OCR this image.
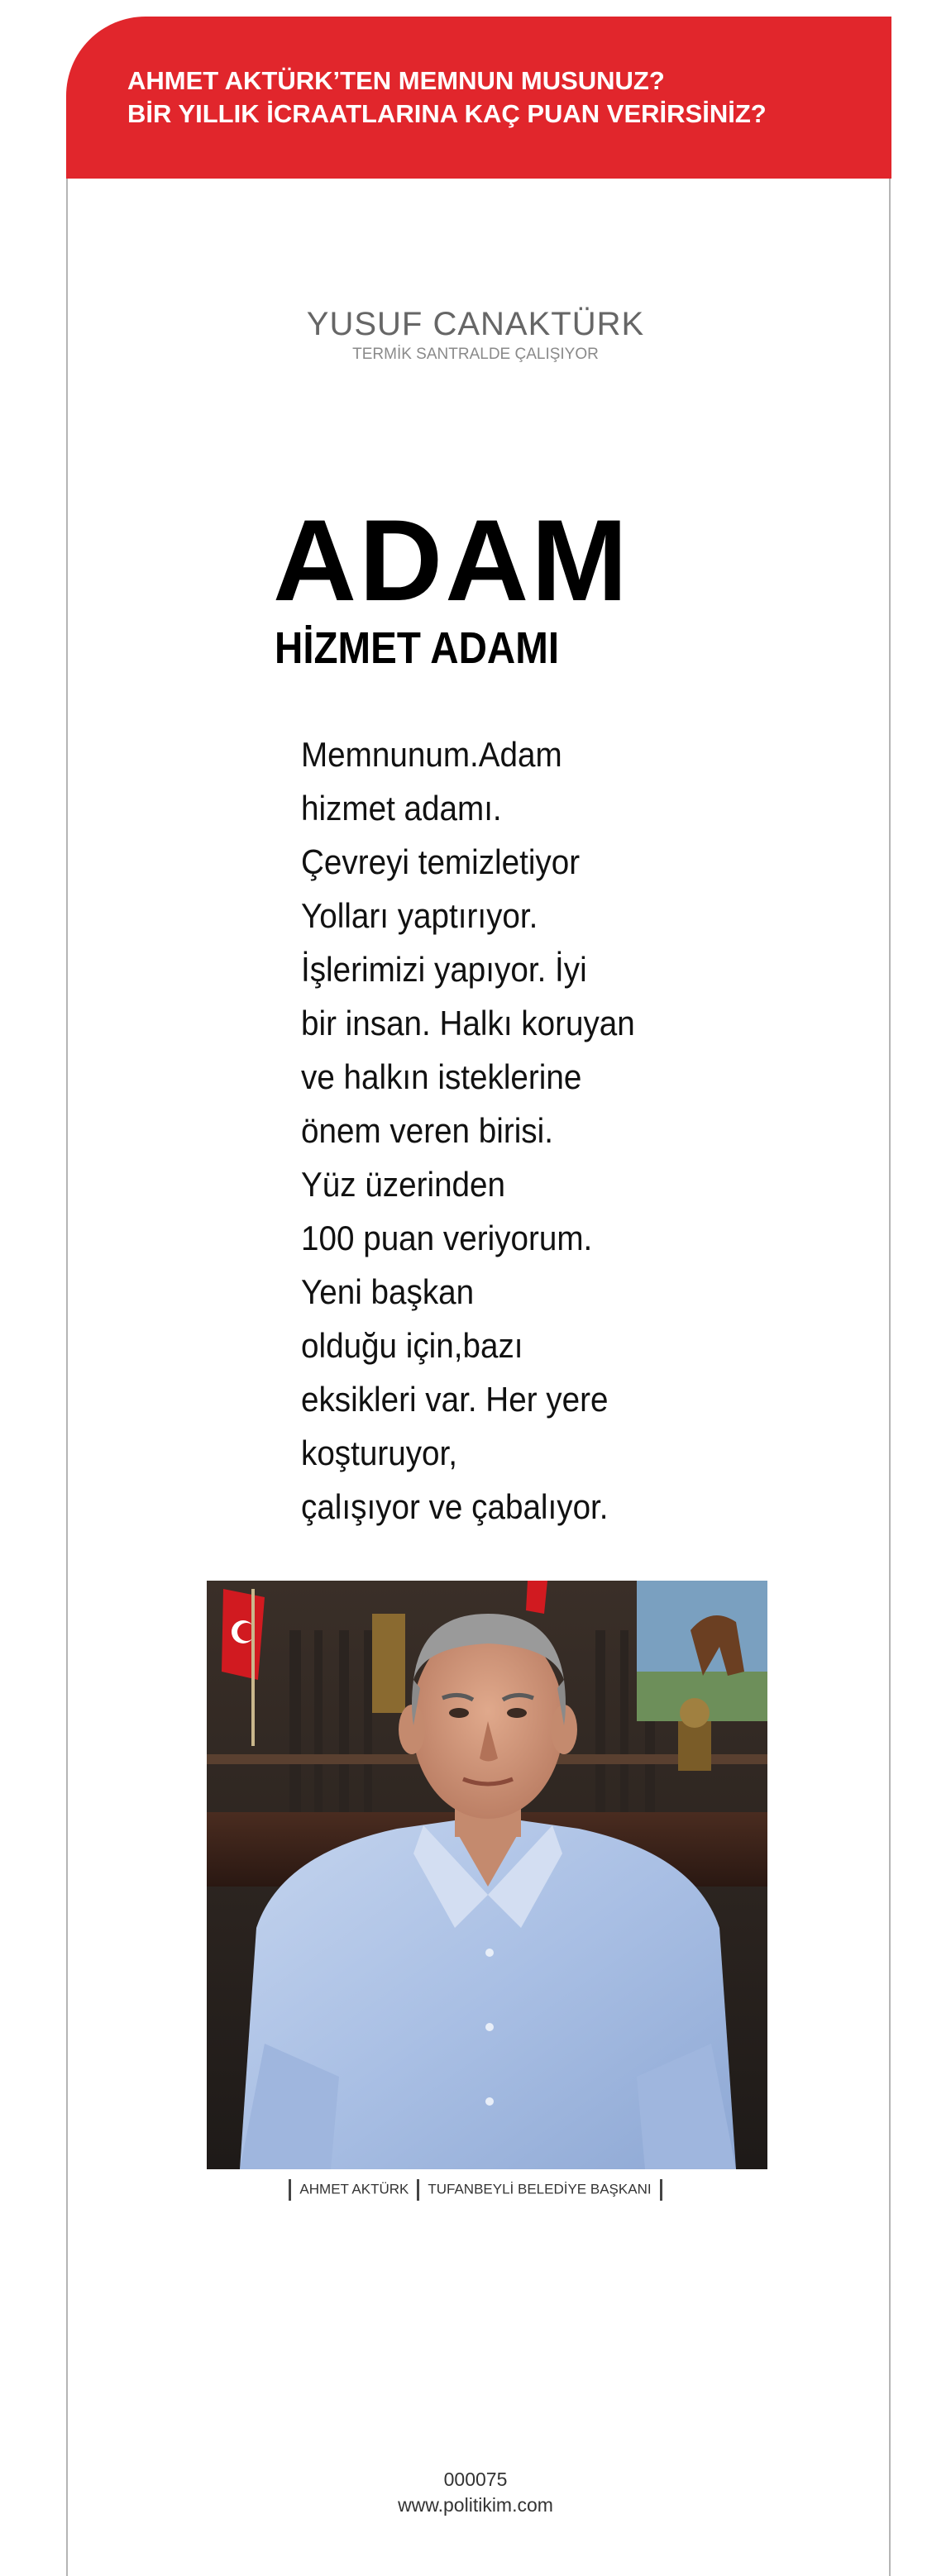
AHMET AKTÜRK’TEN MEMNUN MUSUNUZ?
BİR YILLIK İCRAATLARINA KAÇ PUAN VERİRSİNİZ?
YUSUF CANAKTÜRK
TERMİK SANTRALDE ÇALIŞIYOR
ADAM
HİZMET ADAMI
Memnunum.Adam
hizmet adamı.
Çevreyi temizletiyor
Yolları yaptırıyor.
İşlerimizi yapıyor. İyi
bir insan. Halkı koruyan
ve halkın isteklerine
önem veren birisi.
Yüz üzerinden
100 puan veriyorum.
Yeni başkan
olduğu için,bazı
eksikleri var. Her yere
koşturuyor,
çalışıyor ve çabalıyor.
AHMET AKTÜRK TUFANBEYLİ BELEDİYE BAŞKANI
000075
www.politikim.com
